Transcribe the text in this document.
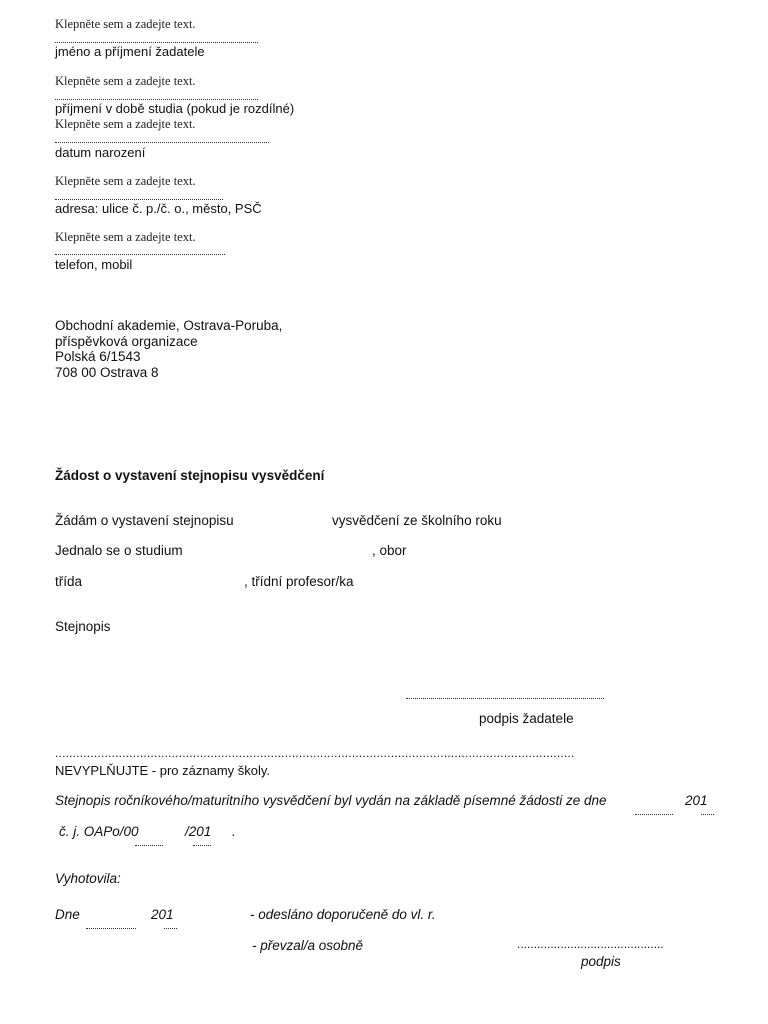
Klepněte sem a zadejte text.
jméno a příjmení žadatele
Klepněte sem a zadejte text.
příjmení v době studia (pokud je rozdílné)
Klepněte sem a zadejte text.
datum narození
Klepněte sem a zadejte text.
adresa: ulice č. p./č. o., město, PSČ
Klepněte sem a zadejte text.
telefon, mobil
Obchodní akademie, Ostrava-Poruba,
příspěvková organizace
Polská 6/1543
708 00 Ostrava 8
Žádost o vystavení stejnopisu vysvědčení
Žádám o vystavení stejnopisu	vysvědčení ze školního roku
Jednalo se o studium	, obor
třída	, třídní profesor/ka
Stejnopis
podpis žadatele
...................................................................................................................................................
NEVYPLŇUJTE - pro záznamy školy.
Stejnopis ročníkového/maturitního vysvědčení byl vydán na základě písemné žádosti ze dne	201
č. j. OAPo/00	/201 .
Vyhotovila:
Dne	201	- odesláno doporučeně do vl. r.
- převzal/a osobně	............................................
podpis
